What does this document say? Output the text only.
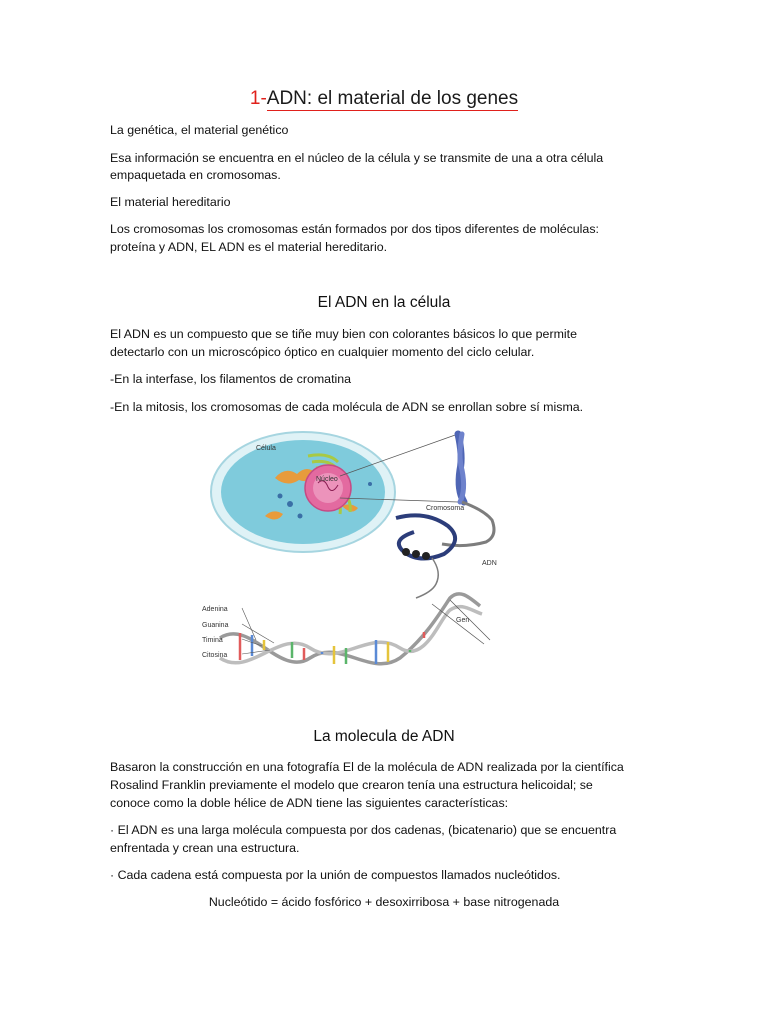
1-ADN: el material de los genes
La genética, el material genético
Esa información se encuentra en el núcleo de la célula y se transmite de una a otra célula
empaquetada en cromosomas.
El material hereditario
Los cromosomas los cromosomas están formados por dos tipos diferentes de moléculas:
proteína y ADN, EL ADN es el material hereditario.
El ADN en la célula
El ADN es un compuesto que se tiñe muy bien con colorantes básicos lo que permite
detectarlo con un microscópico óptico en cualquier momento del ciclo celular.
-En la interfase, los filamentos de cromatina
-En la mitosis, los cromosomas de cada molécula de ADN se enrollan sobre sí misma.
Célula
Núcleo
Cromosoma
ADN
Gen
Adenina
Guanina
Timina
Citosina
La molecula de ADN
Basaron la construcción en una fotografía El de la molécula de ADN realizada por la científica
Rosalind Franklin previamente el modelo que crearon tenía una estructura helicoidal; se
conoce como la doble hélice de ADN tiene las siguientes características:
· El ADN es una larga molécula compuesta por dos cadenas, (bicatenario) que se encuentra
enfrentada y crean una estructura.
· Cada cadena está compuesta por la unión de compuestos llamados nucleótidos.
Nucleótido = ácido fosfórico + desoxirribosa + base nitrogenada
